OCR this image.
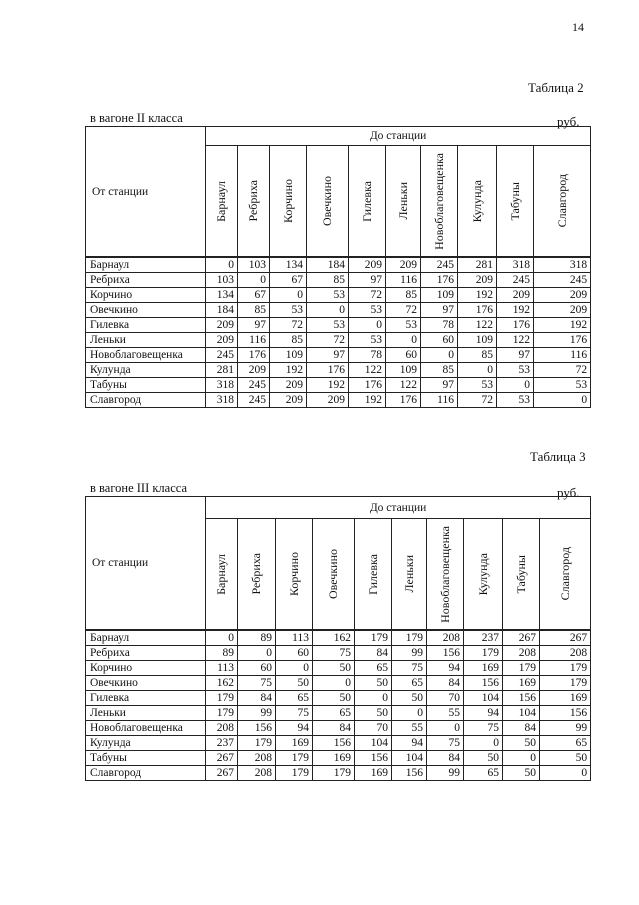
14
Таблица 2
в вагоне II класса	руб.
От станции	До станции									

	Барнаул	Ребриха	Корчино	Овечкино	Гилевка	Леньки	Новоблаговещенка	Кулунда	Табуны	Славгород

Барнаул	0	103	134	184	209	209	245	281	318	318
Ребриха	103	0	67	85	97	116	176	209	245	245
Корчино	134	67	0	53	72	85	109	192	209	209
Овечкино	184	85	53	0	53	72	97	176	192	209
Гилевка	209	97	72	53	0	53	78	122	176	192
Леньки	209	116	85	72	53	0	60	109	122	176
Новоблаговещенка	245	176	109	97	78	60	0	85	97	116
Кулунда	281	209	192	176	122	109	85	0	53	72
Табуны	318	245	209	192	176	122	97	53	0	53
Славгород	318	245	209	209	192	176	116	72	53	0
Таблица 3
в вагоне III класса	руб.
От станции	До станции									

	Барнаул	Ребриха	Корчино	Овечкино	Гилевка	Леньки	Новоблаговещенка	Кулунда	Табуны	Славгород

Барнаул	0	89	113	162	179	179	208	237	267	267
Ребриха	89	0	60	75	84	99	156	179	208	208
Корчино	113	60	0	50	65	75	94	169	179	179
Овечкино	162	75	50	0	50	65	84	156	169	179
Гилевка	179	84	65	50	0	50	70	104	156	169
Леньки	179	99	75	65	50	0	55	94	104	156
Новоблаговещенка	208	156	94	84	70	55	0	75	84	99
Кулунда	237	179	169	156	104	94	75	0	50	65
Табуны	267	208	179	169	156	104	84	50	0	50
Славгород	267	208	179	179	169	156	99	65	50	0
